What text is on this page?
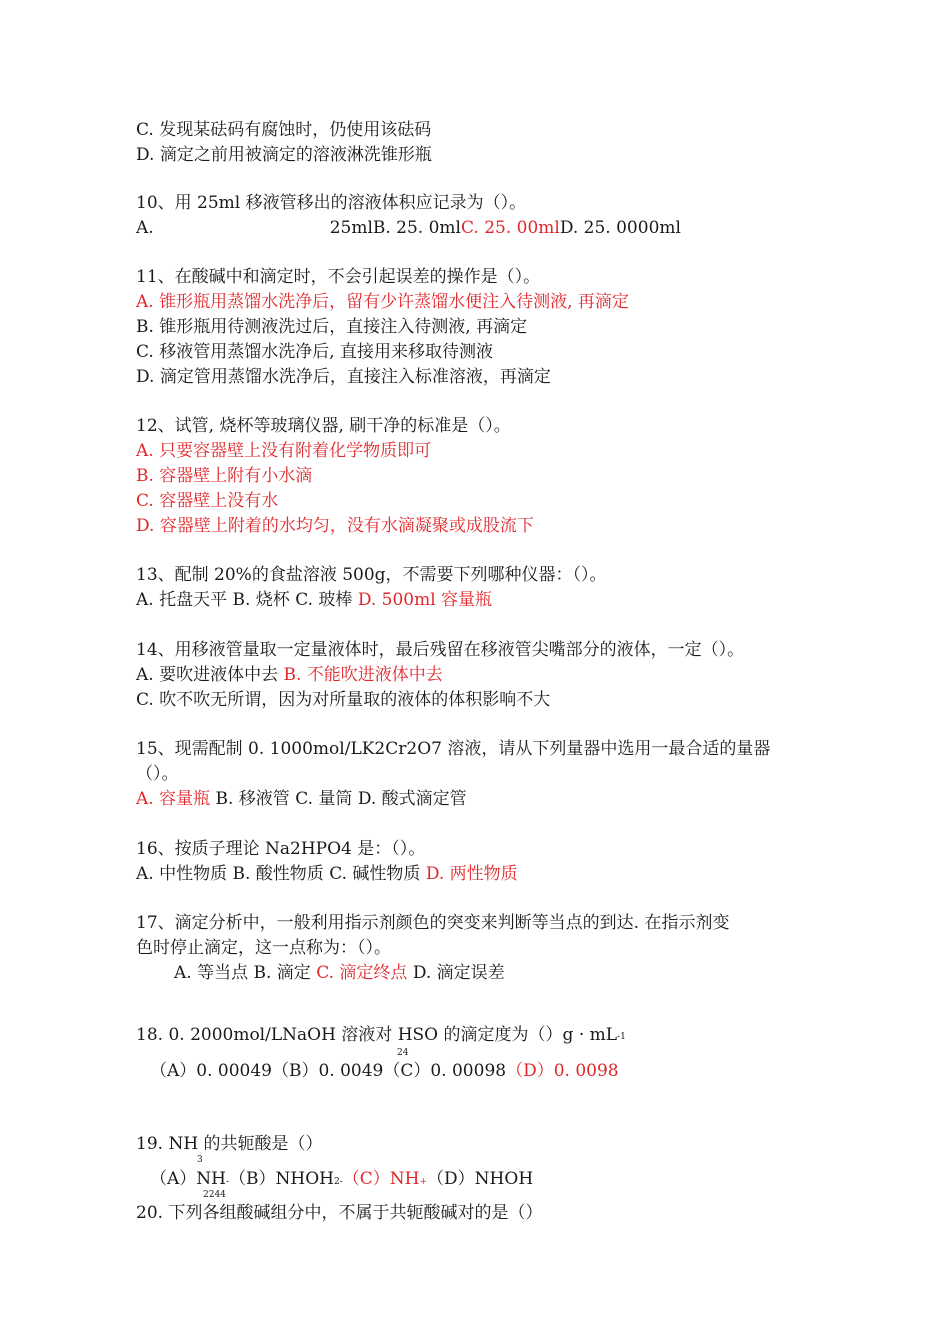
C. 发现某砝码有腐蚀时，仍使用该砝码
D. 滴定之前用被滴定的溶液淋洗锥形瓶
10、用 25ml 移液管移出的溶液体积应记录为（）。
A.	25mlB. 25. 0mlC. 25. 00mlD. 25. 0000ml
11、在酸碱中和滴定时，不会引起误差的操作是（）。
A. 锥形瓶用蒸馏水洗净后，留有少许蒸馏水便注入待测液, 再滴定
B. 锥形瓶用待测液洗过后，直接注入待测液, 再滴定
C. 移液管用蒸馏水洗净后, 直接用来移取待测液
D. 滴定管用蒸馏水洗净后，直接注入标准溶液，再滴定
12、试管, 烧杯等玻璃仪器, 刷干净的标准是（）。
A. 只要容器壁上没有附着化学物质即可
B. 容器壁上附有小水滴
C. 容器壁上没有水
D. 容器壁上附着的水均匀，没有水滴凝聚或成股流下
13、配制 20%的食盐溶液 500g，不需要下列哪种仪器：（）。
A. 托盘天平 B. 烧杯 C. 玻棒 D. 500ml 容量瓶
14、用移液管量取一定量液体时，最后残留在移液管尖嘴部分的液体，一定（）。
A. 要吹进液体中去 B. 不能吹进液体中去
C. 吹不吹无所谓，因为对所量取的液体的体积影响不大
15、现需配制 0. 1000mol/LK2Cr2O7 溶液，请从下列量器中选用一最合适的量器
（）。
A. 容量瓶 B. 移液管 C. 量筒 D. 酸式滴定管
16、按质子理论 Na2HPO4 是：（）。
A. 中性物质 B. 酸性物质 C. 碱性物质 D. 两性物质
17、滴定分析中，一般利用指示剂颜色的突变来判断等当点的到达. 在指示剂变
色时停止滴定，这一点称为：（）。
A. 等当点 B. 滴定 C. 滴定终点 D. 滴定误差
18. 0. 2000mol/LNaOH 溶液对 HSO 的滴定度为$()g \cdot mL^{-1}$
24
（A）0. 00049（B）0. 0049（C）0. 00098（D）0. 0098
19. NH 的共轭酸是（）
3
（A）NH-（B）NHOH2-（C）NH+（D）NHOH
2244
20. 下列各组酸碱组分中，不属于共轭酸碱对的是（）
